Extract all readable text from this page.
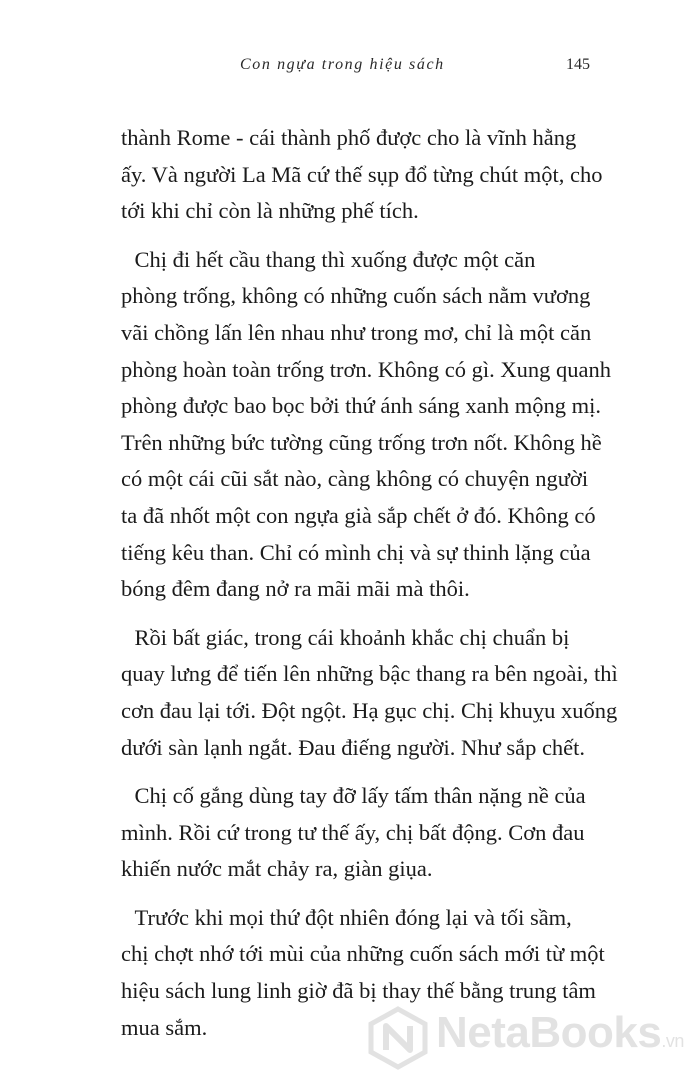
Con ngựa trong hiệu sách	145

thành Rome - cái thành phố được cho là vĩnh hằng
ấy. Và người La Mã cứ thế sụp đổ từng chút một, cho
tới khi chỉ còn là những phế tích.

Chị đi hết cầu thang thì xuống được một căn
phòng trống, không có những cuốn sách nằm vương
vãi chồng lấn lên nhau như trong mơ, chỉ là một căn
phòng hoàn toàn trống trơn. Không có gì. Xung quanh
phòng được bao bọc bởi thứ ánh sáng xanh mộng mị.
Trên những bức tường cũng trống trơn nốt. Không hề
có một cái cũi sắt nào, càng không có chuyện người
ta đã nhốt một con ngựa già sắp chết ở đó. Không có
tiếng kêu than. Chỉ có mình chị và sự thinh lặng của
bóng đêm đang nở ra mãi mãi mà thôi.

Rồi bất giác, trong cái khoảnh khắc chị chuẩn bị
quay lưng để tiến lên những bậc thang ra bên ngoài, thì
cơn đau lại tới. Đột ngột. Hạ gục chị. Chị khuỵu xuống
dưới sàn lạnh ngắt. Đau điếng người. Như sắp chết.

Chị cố gắng dùng tay đỡ lấy tấm thân nặng nề của
mình. Rồi cứ trong tư thế ấy, chị bất động. Cơn đau
khiến nước mắt chảy ra, giàn giụa.

Trước khi mọi thứ đột nhiên đóng lại và tối sầm,
chị chợt nhớ tới mùi của những cuốn sách mới từ một
hiệu sách lung linh giờ đã bị thay thế bằng trung tâm
mua sắm.	NetaBooks.vn
